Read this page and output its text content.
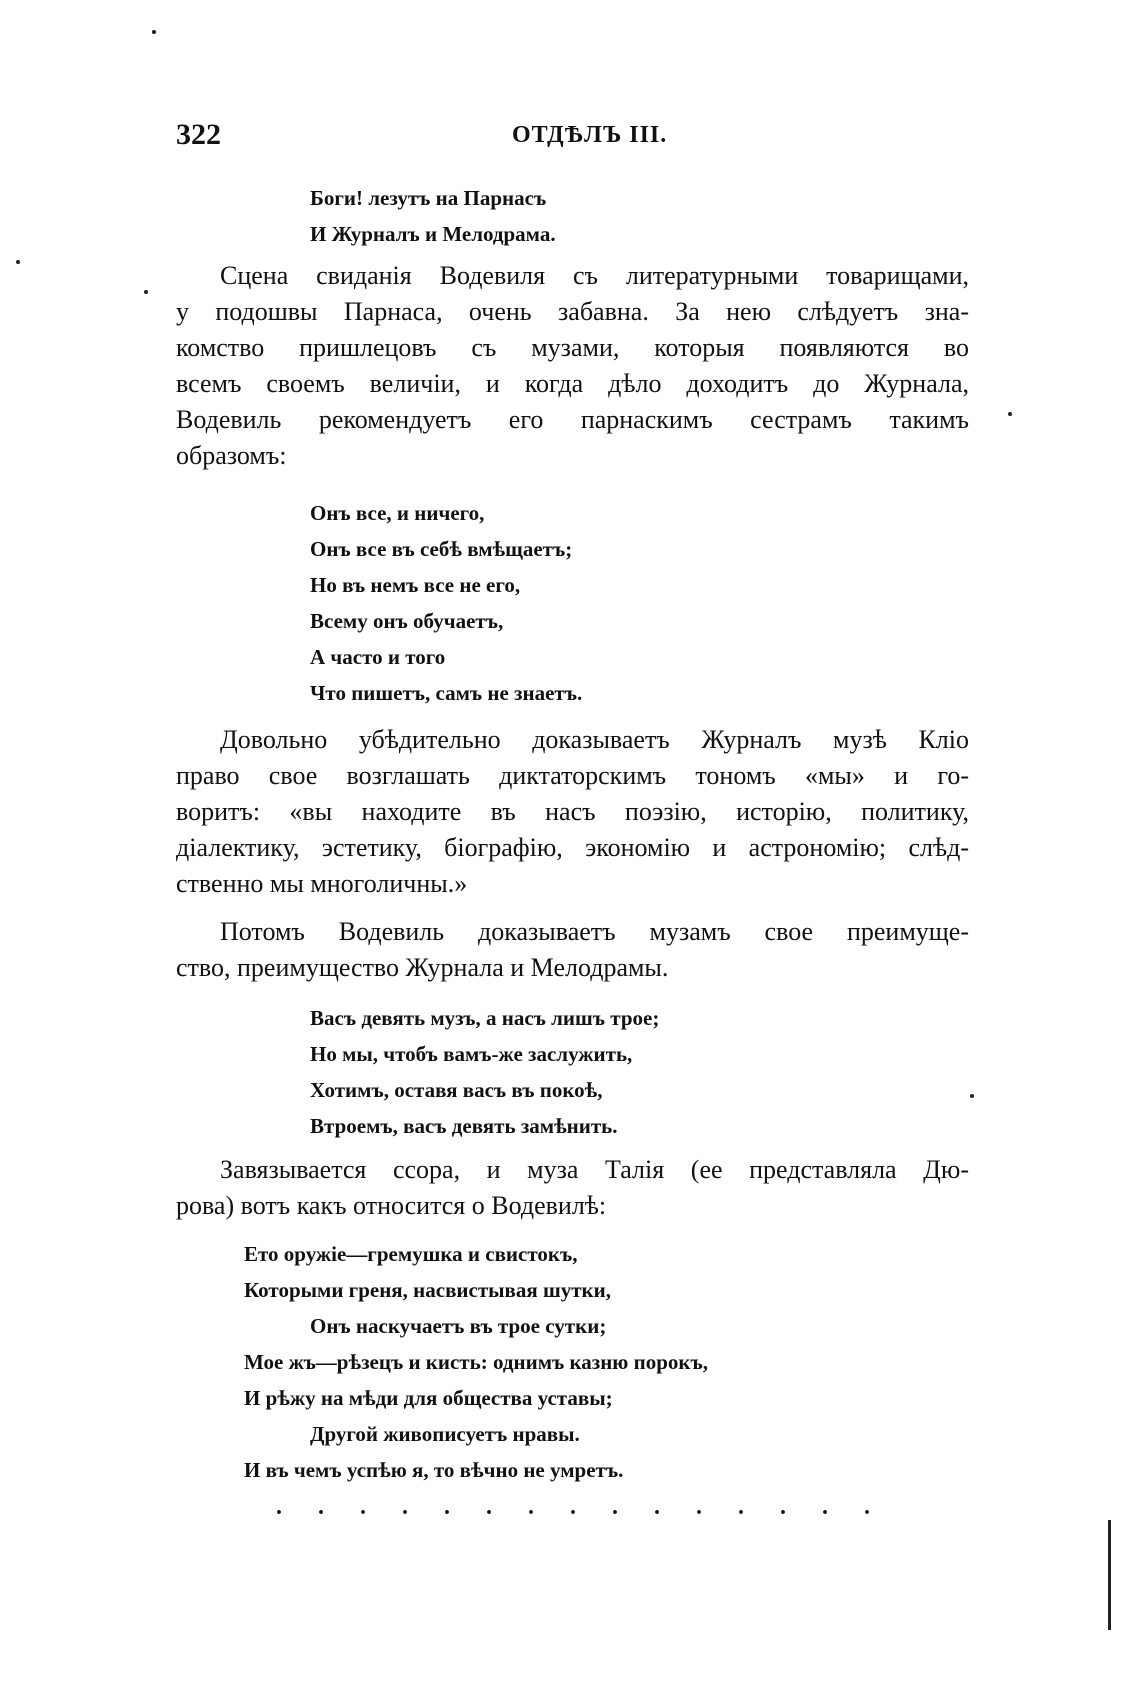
322	ОТДѢЛЪ III.
Боги! лезутъ на Парнасъ
И Журналъ и Мелодрама.
Сцена свиданія Водевиля съ литературными товарищами,
у подошвы Парнаса, очень забавна. За нею слѣдуетъ зна-
комство пришлецовъ съ музами, которыя появляются во
всемъ своемъ величіи, и когда дѣло доходитъ до Журнала,
Водевиль рекомендуетъ его парнаскимъ сестрамъ такимъ
образомъ:
Онъ все, и ничего,
Онъ все въ себѣ вмѣщаетъ;
Но въ немъ все не его,
Всему онъ обучаетъ,
А часто и того
Что пишетъ, самъ не знаетъ.
Довольно убѣдительно доказываетъ Журналъ музѣ Кліо
право свое возглашать диктаторскимъ тономъ «мы» и го-
воритъ: «вы находите въ насъ поэзію, исторію, политику,
діалектику, эстетику, біографію, экономію и астрономію; слѣд-
ственно мы многоличны.»
Потомъ Водевиль доказываетъ музамъ свое преимуще-
ство, преимущество Журнала и Мелодрамы.
Васъ девять музъ, а насъ лишъ трое;
Но мы, чтобъ вамъ-же заслужить,
Хотимъ, оставя васъ въ покоѣ,
Втроемъ, васъ девять замѣнить.
Завязывается ссора, и муза Талія (ее представляла Дю-
рова) вотъ какъ относится о Водевилѣ:
Ето оружіе—гремушка и свистокъ,
Которыми греня, насвистывая шутки,
Онъ наскучаетъ въ трое сутки;
Мое жъ—рѣзецъ и кисть: однимъ казню порокъ,
И рѣжу на мѣди для общества уставы;
Другой живописуетъ нравы.
И въ чемъ успѣю я, то вѣчно не умретъ.
. . . . . . . . . . . . . . .
